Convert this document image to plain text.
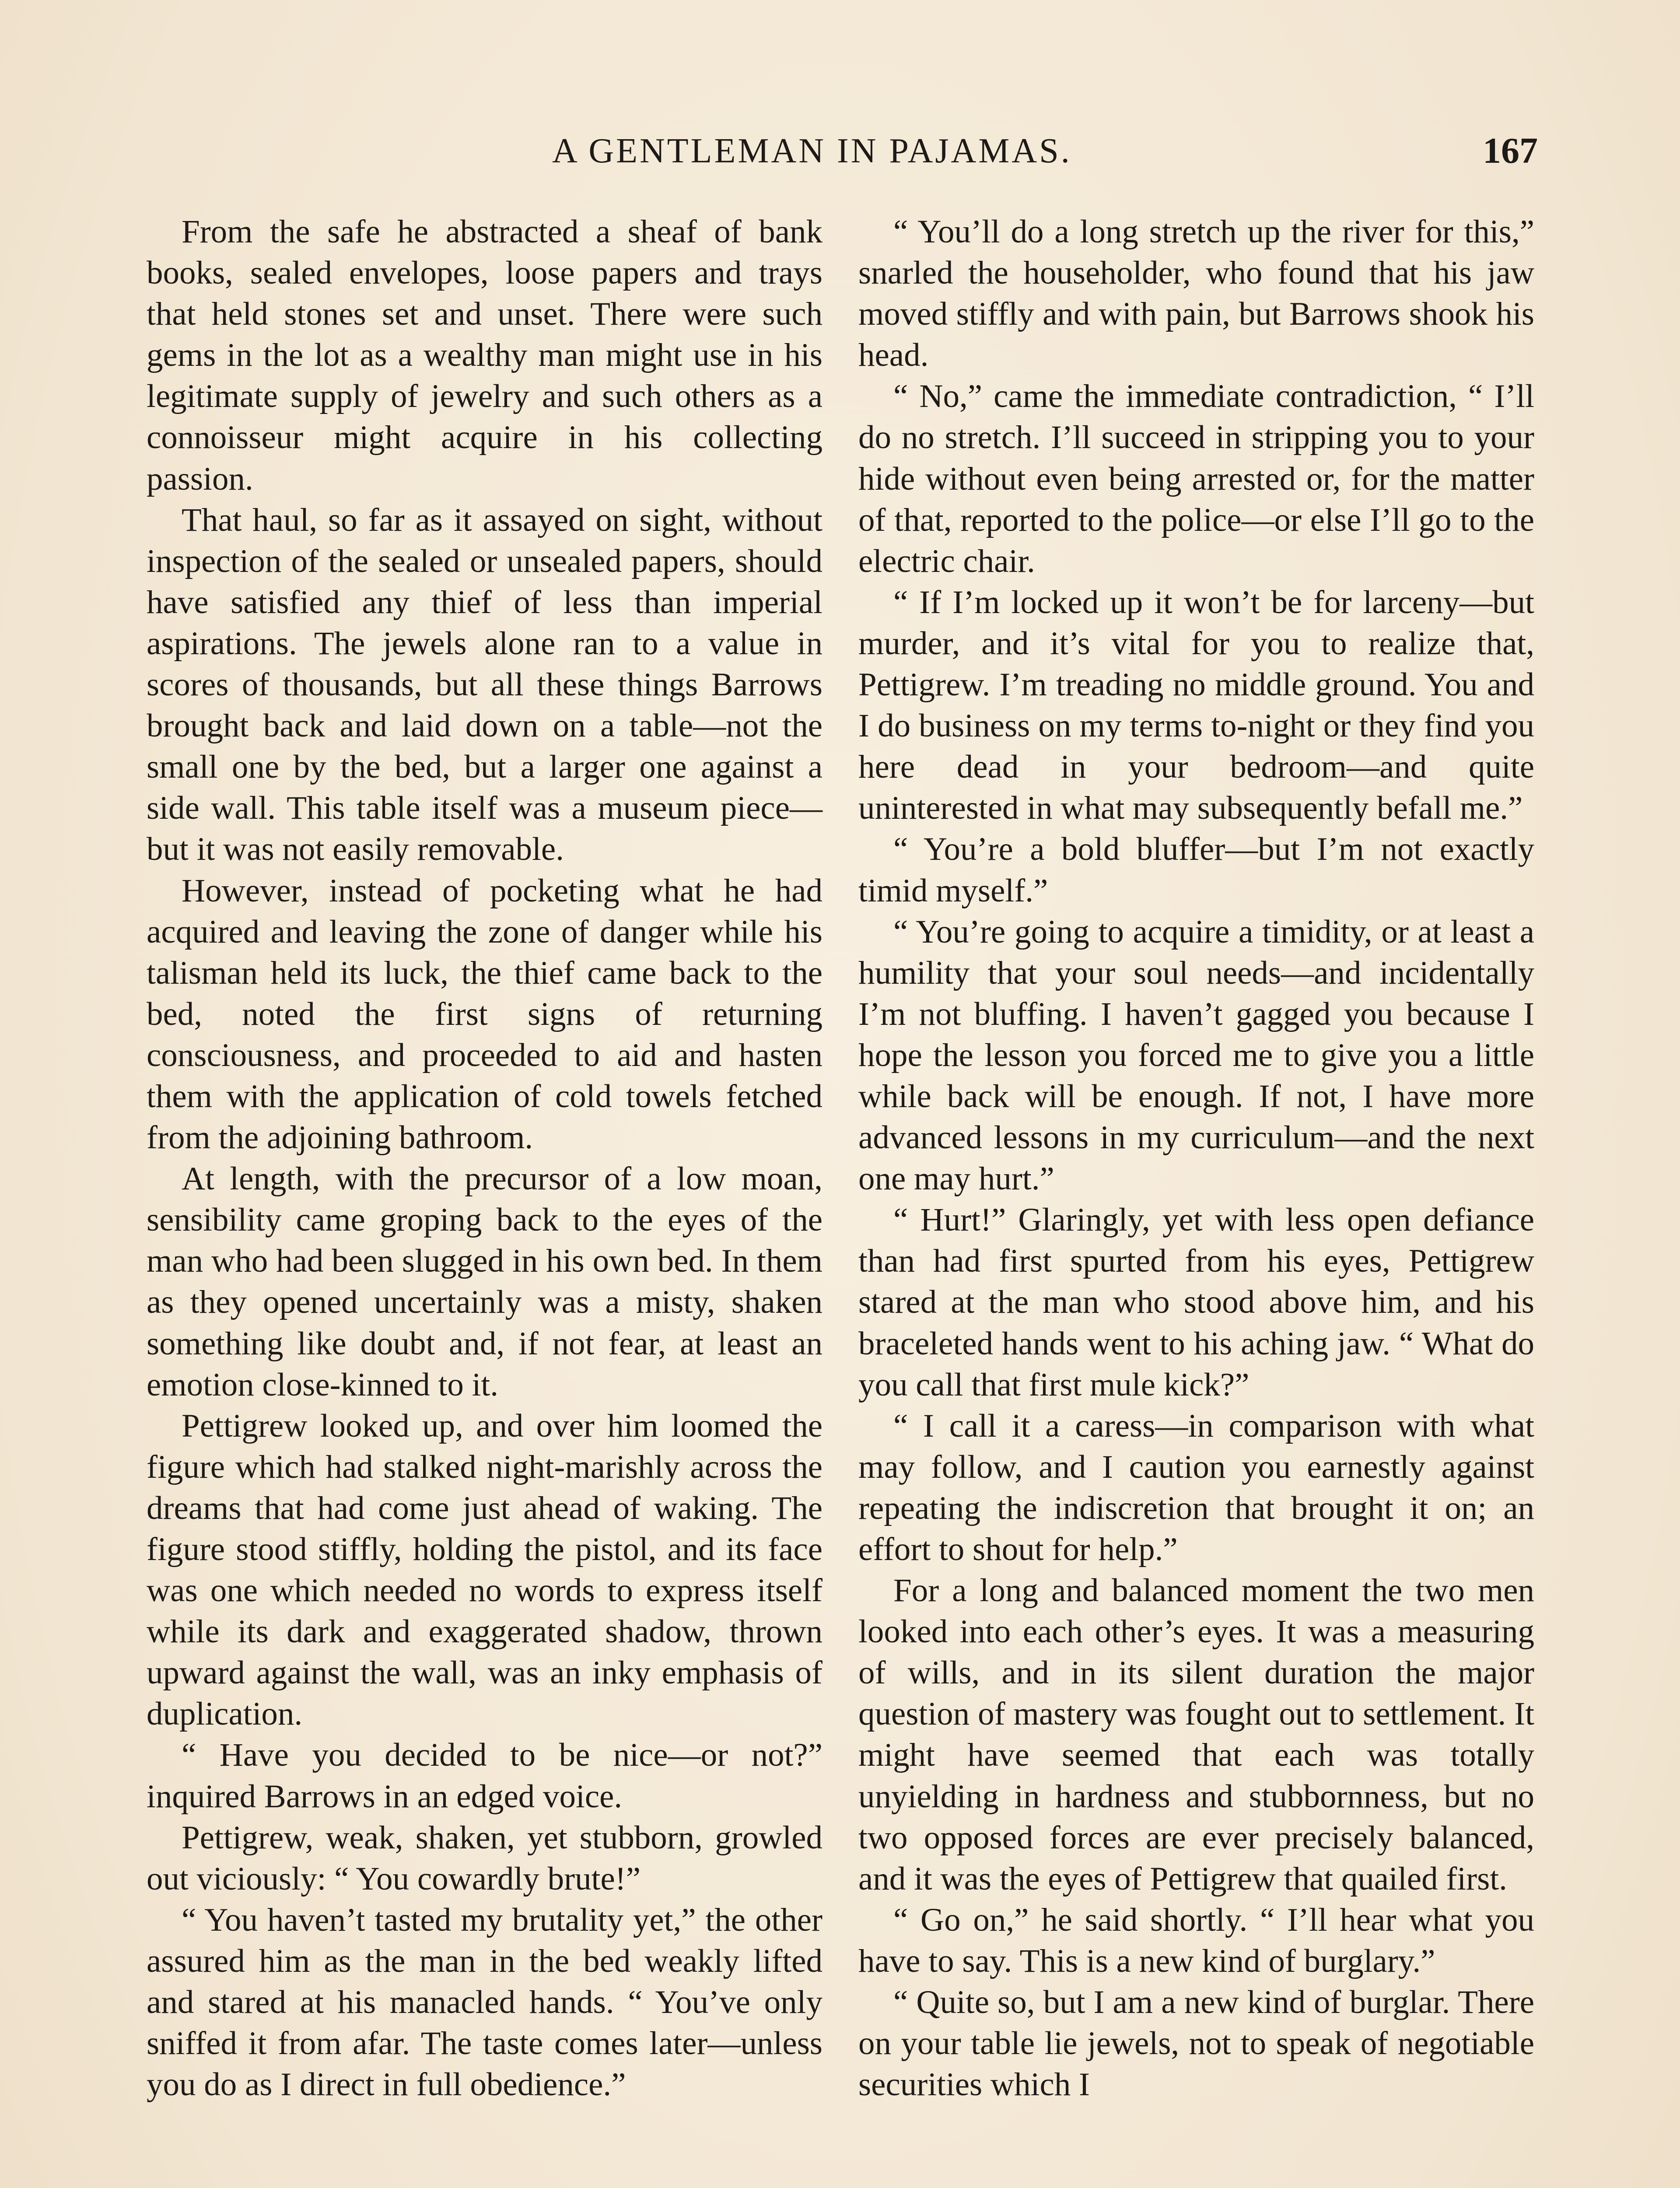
A GENTLEMAN IN PAJAMAS.	167

From the safe he abstracted a sheaf of bank books, sealed envelopes, loose papers and trays that held stones set and unset. There were such gems in the lot as a wealthy man might use in his legitimate supply of jewelry and such others as a connoisseur might acquire in his collecting passion.

That haul, so far as it assayed on sight, without inspection of the sealed or unsealed papers, should have satisfied any thief of less than imperial aspirations. The jewels alone ran to a value in scores of thousands, but all these things Barrows brought back and laid down on a table—not the small one by the bed, but a larger one against a side wall. This table itself was a museum piece—but it was not easily removable.

However, instead of pocketing what he had acquired and leaving the zone of danger while his talisman held its luck, the thief came back to the bed, noted the first signs of returning consciousness, and proceeded to aid and hasten them with the application of cold towels fetched from the adjoining bathroom.

At length, with the precursor of a low moan, sensibility came groping back to the eyes of the man who had been slugged in his own bed. In them as they opened uncertainly was a misty, shaken something like doubt and, if not fear, at least an emotion close-kinned to it.

Pettigrew looked up, and over him loomed the figure which had stalked night-marishly across the dreams that had come just ahead of waking. The figure stood stiffly, holding the pistol, and its face was one which needed no words to express itself while its dark and exaggerated shadow, thrown upward against the wall, was an inky emphasis of duplication.

“ Have you decided to be nice—or not?” inquired Barrows in an edged voice.

Pettigrew, weak, shaken, yet stubborn, growled out viciously: “ You cowardly brute!”

“ You haven’t tasted my brutality yet,” the other assured him as the man in the bed weakly lifted and stared at his manacled hands. “ You’ve only sniffed it from afar. The taste comes later—unless you do as I direct in full obedience.”

“ You’ll do a long stretch up the river for this,” snarled the householder, who found that his jaw moved stiffly and with pain, but Barrows shook his head.

“ No,” came the immediate contradiction, “ I’ll do no stretch. I’ll succeed in stripping you to your hide without even being arrested or, for the matter of that, reported to the police—or else I’ll go to the electric chair.

“ If I’m locked up it won’t be for larceny—but murder, and it’s vital for you to realize that, Pettigrew. I’m treading no middle ground. You and I do business on my terms to-night or they find you here dead in your bedroom—and quite uninterested in what may subsequently befall me.”

“ You’re a bold bluffer—but I’m not exactly timid myself.”

“ You’re going to acquire a timidity, or at least a humility that your soul needs—and incidentally I’m not bluffing. I haven’t gagged you because I hope the lesson you forced me to give you a little while back will be enough. If not, I have more advanced lessons in my curriculum—and the next one may hurt.”

“ Hurt!” Glaringly, yet with less open defiance than had first spurted from his eyes, Pettigrew stared at the man who stood above him, and his braceleted hands went to his aching jaw. “ What do you call that first mule kick?”

“ I call it a caress—in comparison with what may follow, and I caution you earnestly against repeating the indiscretion that brought it on; an effort to shout for help.”

For a long and balanced moment the two men looked into each other’s eyes. It was a measuring of wills, and in its silent duration the major question of mastery was fought out to settlement. It might have seemed that each was totally unyielding in hardness and stubbornness, but no two opposed forces are ever precisely balanced, and it was the eyes of Pettigrew that quailed first.

“ Go on,” he said shortly. “ I’ll hear what you have to say. This is a new kind of burglary.”

“ Quite so, but I am a new kind of burglar. There on your table lie jewels, not to speak of negotiable securities which I
